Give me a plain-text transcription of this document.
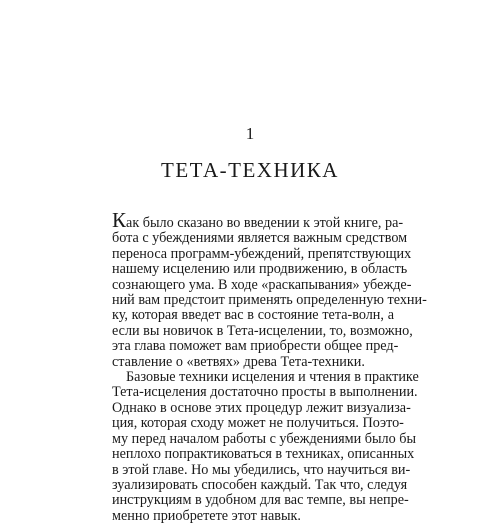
1
ТЕТА-ТЕХНИКА
Как было сказано во введении к этой книге, ра-
бота с убеждениями является важным средством
переноса программ-убеждений, препятствующих
нашему исцелению или продвижению, в область
сознающего ума. В ходе «раскапывания» убежде-
ний вам предстоит применять определенную техни-
ку, которая введет вас в состояние тета-волн, а
если вы новичок в Тета-исцелении, то, возможно,
эта глава поможет вам приобрести общее пред-
ставление о «ветвях» древа Тета-техники.
Базовые техники исцеления и чтения в практике
Тета-исцеления достаточно просты в выполнении.
Однако в основе этих процедур лежит визуализа-
ция, которая сходу может не получиться. Поэто-
му перед началом работы с убеждениями было бы
неплохо попрактиковаться в техниках, описанных
в этой главе. Но мы убедились, что научиться ви-
зуализировать способен каждый. Так что, следуя
инструкциям в удобном для вас темпе, вы непре-
менно приобретете этот навык.
